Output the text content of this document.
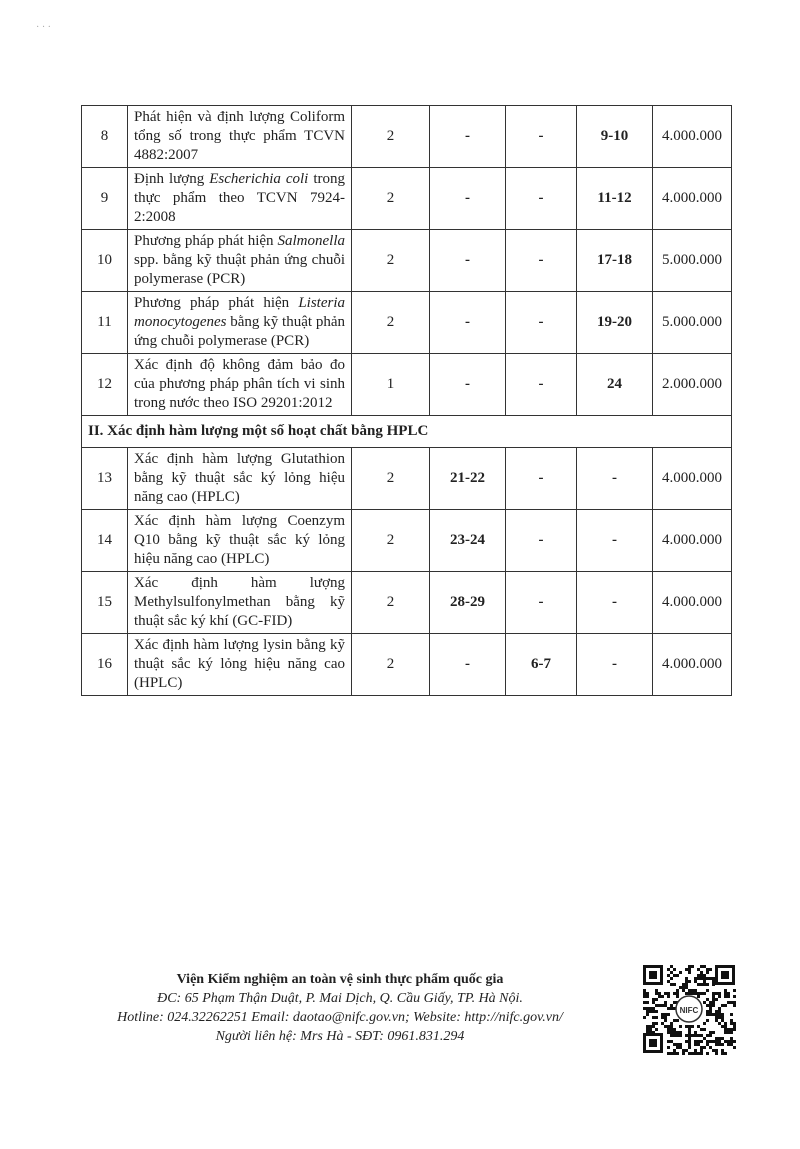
· · ·
8	Phát hiện và định lượng Coliform tổng số trong thực phẩm TCVN 4882:2007	2	-	-	9-10	4.000.000
9	Định lượng Escherichia coli trong thực phẩm theo TCVN 7924-2:2008	2	-	-	11-12	4.000.000
10	Phương pháp phát hiện Salmonella spp. bằng kỹ thuật phản ứng chuỗi polymerase (PCR)	2	-	-	17-18	5.000.000
11	Phương pháp phát hiện Listeria monocytogenes bằng kỹ thuật phản ứng chuỗi polymerase (PCR)	2	-	-	19-20	5.000.000
12	Xác định độ không đảm bảo đo của phương pháp phân tích vi sinh trong nước theo ISO 29201:2012	1	-	-	24	2.000.000
II. Xác định hàm lượng một số hoạt chất bằng HPLC						
13	Xác định hàm lượng Glutathion bằng kỹ thuật sắc ký lỏng hiệu năng cao (HPLC)	2	21-22	-	-	4.000.000
14	Xác định hàm lượng Coenzym Q10 bằng kỹ thuật sắc ký lỏng hiệu năng cao (HPLC)	2	23-24	-	-	4.000.000
15	Xác định hàm lượng Methylsulfonylmethan bằng kỹ thuật sắc ký khí (GC-FID)	2	28-29	-	-	4.000.000
16	Xác định hàm lượng lysin bằng kỹ thuật sắc ký lỏng hiệu năng cao (HPLC)	2	-	6-7	-	4.000.000
Viện Kiểm nghiệm an toàn vệ sinh thực phẩm quốc gia
ĐC: 65 Phạm Thận Duật, P. Mai Dịch, Q. Cầu Giấy, TP. Hà Nội.
Hotline: 024.32262251 Email: daotao@nifc.gov.vn; Website: http://nifc.gov.vn/
Người liên hệ: Mrs Hà - SĐT: 0961.831.294
NIFC
